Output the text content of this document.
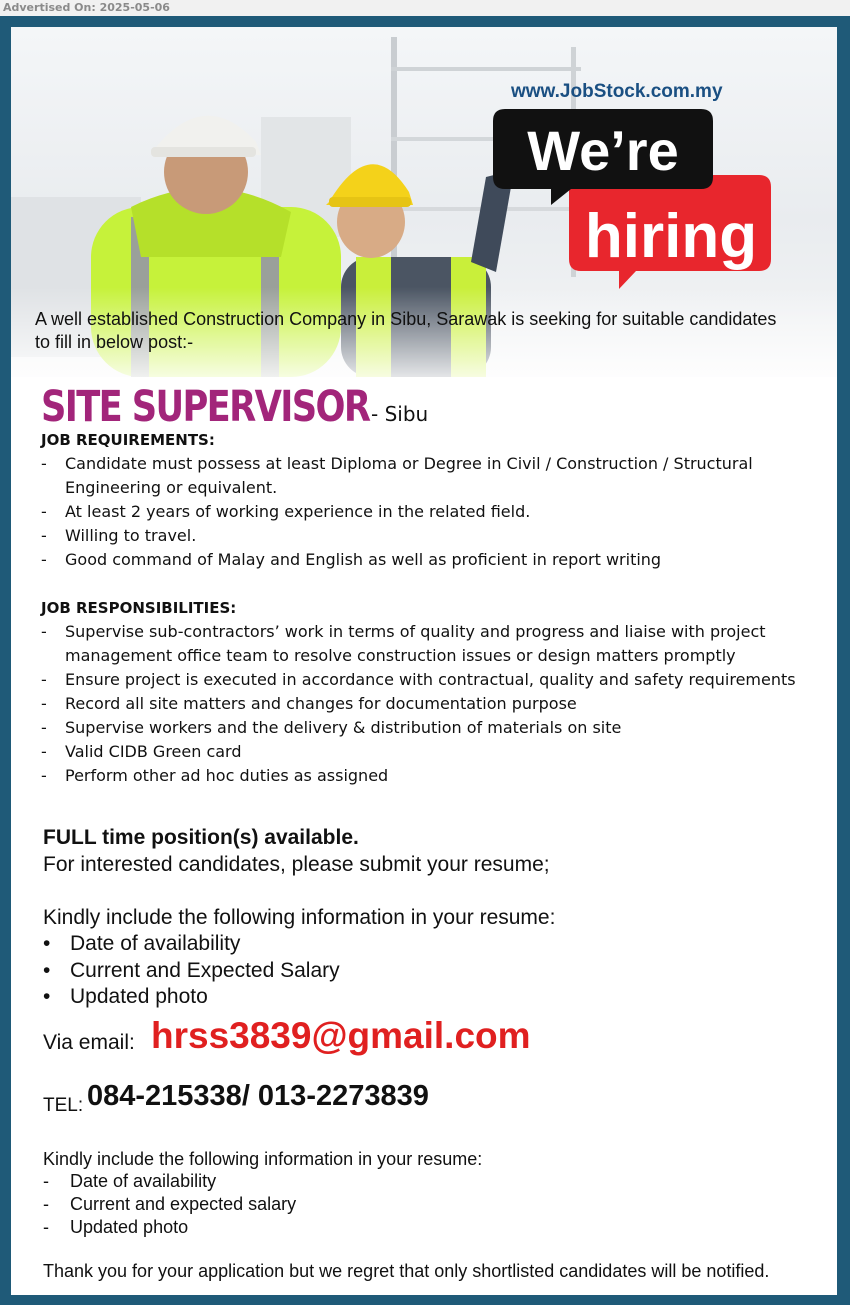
Advertised On: 2025-05-06
We’re
hiring
www.JobStock.com.my
A well established Construction Company in Sibu, Sarawak is seeking for suitable candidates to fill in below post:-
SITE SUPERVISOR - Sibu
JOB REQUIREMENTS:
- Candidate must possess at least Diploma or Degree in Civil / Construction / Structural Engineering or equivalent.
- At least 2 years of working experience in the related field.
- Willing to travel.
- Good command of Malay and English as well as proficient in report writing
JOB RESPONSIBILITIES:
- Supervise sub-contractors’ work in terms of quality and progress and liaise with project management office team to resolve construction issues or design matters promptly
- Ensure project is executed in accordance with contractual, quality and safety requirements
- Record all site matters and changes for documentation purpose
- Supervise workers and the delivery & distribution of materials on site
- Valid CIDB Green card
- Perform other ad hoc duties as assigned
FULL time position(s) available.
For interested candidates, please submit your resume;
Kindly include the following information in your resume:
• Date of availability
• Current and Expected Salary
• Updated photo
Via email: hrss3839@gmail.com
TEL: 084-215338/ 013-2273839
Kindly include the following information in your resume:
- Date of availability
- Current and expected salary
- Updated photo
Thank you for your application but we regret that only shortlisted candidates will be notified.
